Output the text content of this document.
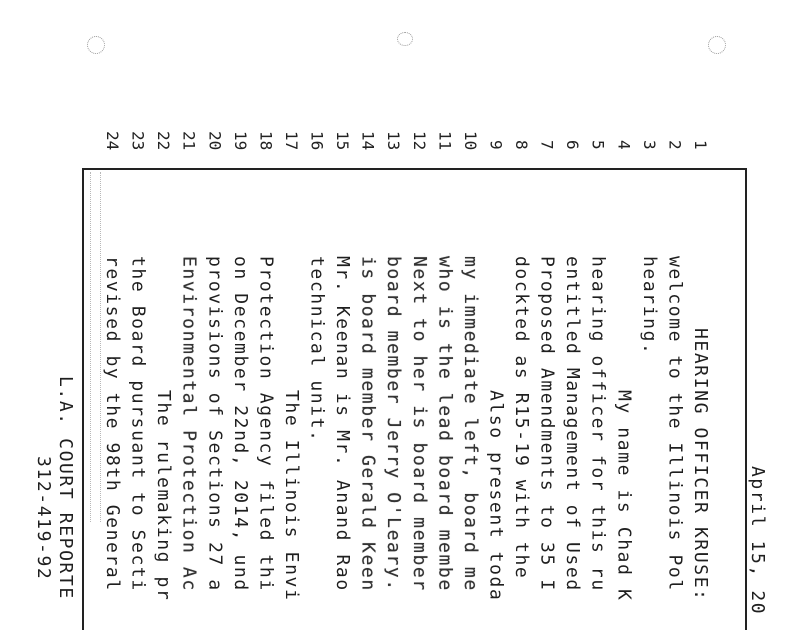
1
2
3
4
5
6
7
8
9
10
11
12
13
14
15
16
17
18
19
20
21
22
23
24
HEARING OFFICER KRUSE:
welcome to the Illinois Pol
hearing.
My name is Chad K
hearing officer for this ru
entitled Management of Used
Proposed Amendments to 35 I
dockted as R15-19 with the
Also present toda
my immediate left, board me
who is the lead board membe
Next to her is board member
board member Jerry O'Leary.
is board member Gerald Keen
Mr. Keenan is Mr. Anand Rao
technical unit.
The Illinois Envi
Protection Agency filed thi
on December 22nd, 2014, und
provisions of Sections 27 a
Environmental Protection Ac
The rulemaking pr
the Board pursuant to Secti
revised by the 98th General	April 15, 20
L.A. COURT REPORTE
312-419-92
